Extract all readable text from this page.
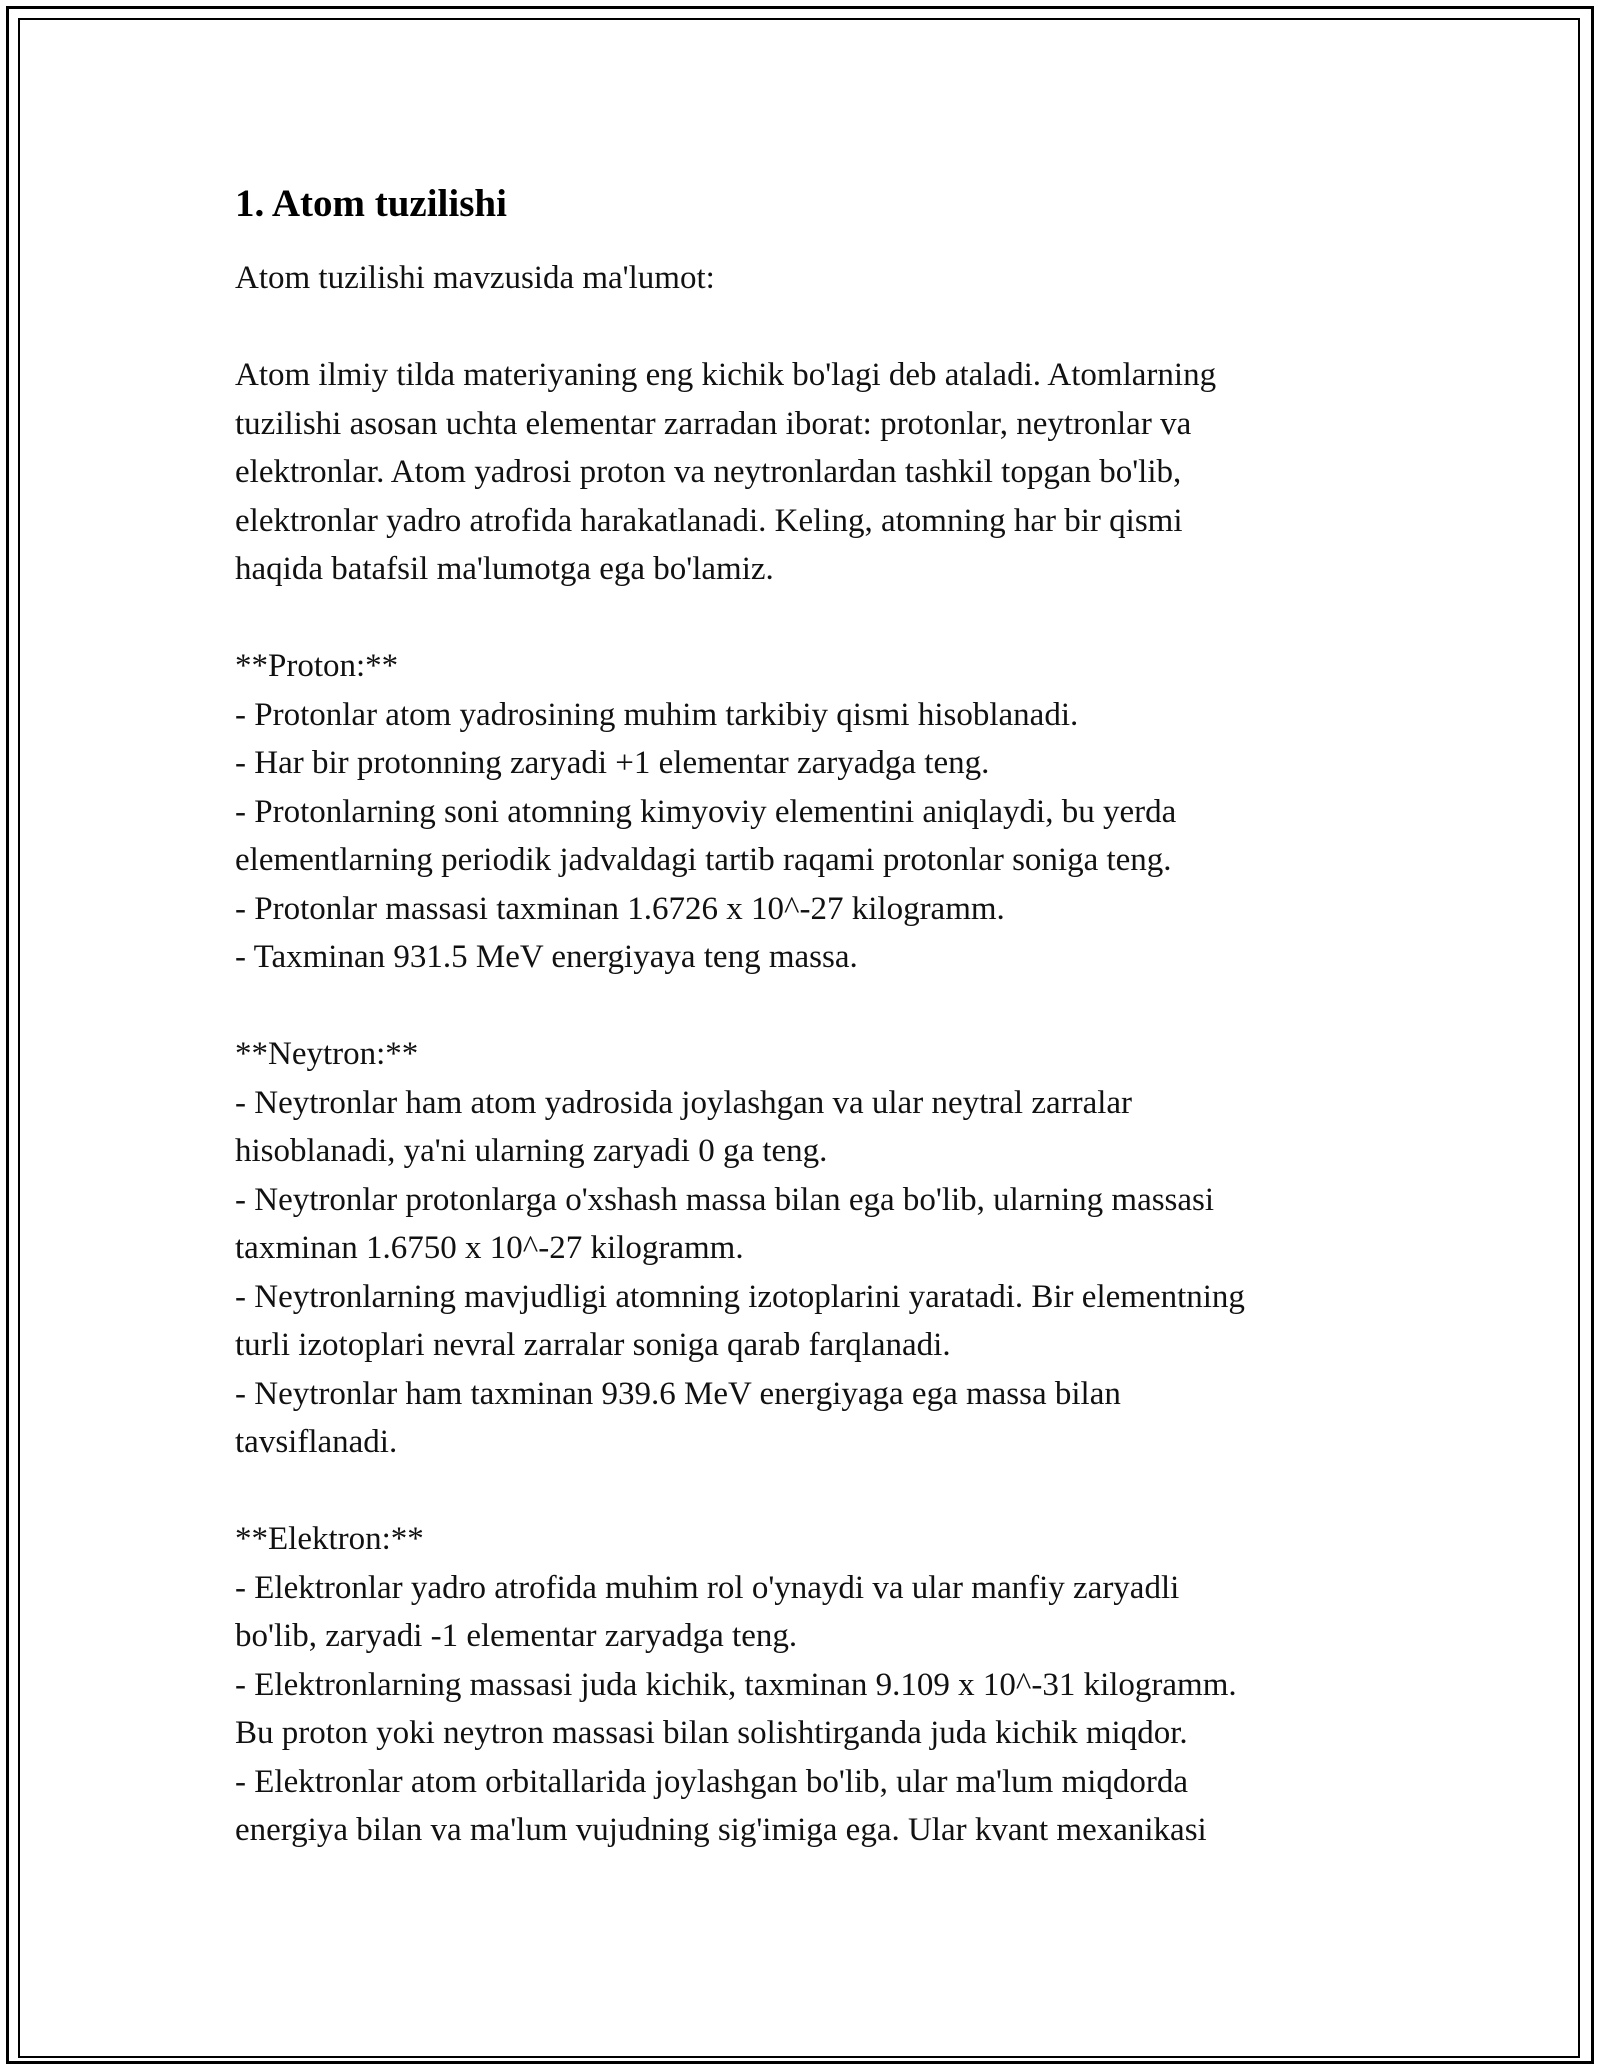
1. Atom tuzilishi
Atom tuzilishi mavzusida ma'lumot:
Atom ilmiy tilda materiyaning eng kichik bo'lagi deb ataladi. Atomlarning
tuzilishi asosan uchta elementar zarradan iborat: protonlar, neytronlar va
elektronlar. Atom yadrosi proton va neytronlardan tashkil topgan bo'lib,
elektronlar yadro atrofida harakatlanadi. Keling, atomning har bir qismi
haqida batafsil ma'lumotga ega bo'lamiz.
**Proton:**
- Protonlar atom yadrosining muhim tarkibiy qismi hisoblanadi.
- Har bir protonning zaryadi +1 elementar zaryadga teng.
- Protonlarning soni atomning kimyoviy elementini aniqlaydi, bu yerda
elementlarning periodik jadvaldagi tartib raqami protonlar soniga teng.
- Protonlar massasi taxminan 1.6726 x 10^-27 kilogramm.
- Taxminan 931.5 MeV energiyaya teng massa.
**Neytron:**
- Neytronlar ham atom yadrosida joylashgan va ular neytral zarralar
hisoblanadi, ya'ni ularning zaryadi 0 ga teng.
- Neytronlar protonlarga o'xshash massa bilan ega bo'lib, ularning massasi
taxminan 1.6750 x 10^-27 kilogramm.
- Neytronlarning mavjudligi atomning izotoplarini yaratadi. Bir elementning
turli izotoplari nevral zarralar soniga qarab farqlanadi.
- Neytronlar ham taxminan 939.6 MeV energiyaga ega massa bilan
tavsiflanadi.
**Elektron:**
- Elektronlar yadro atrofida muhim rol o'ynaydi va ular manfiy zaryadli
bo'lib, zaryadi -1 elementar zaryadga teng.
- Elektronlarning massasi juda kichik, taxminan 9.109 x 10^-31 kilogramm.
Bu proton yoki neytron massasi bilan solishtirganda juda kichik miqdor.
- Elektronlar atom orbitallarida joylashgan bo'lib, ular ma'lum miqdorda
energiya bilan va ma'lum vujudning sig'imiga ega. Ular kvant mexanikasi
